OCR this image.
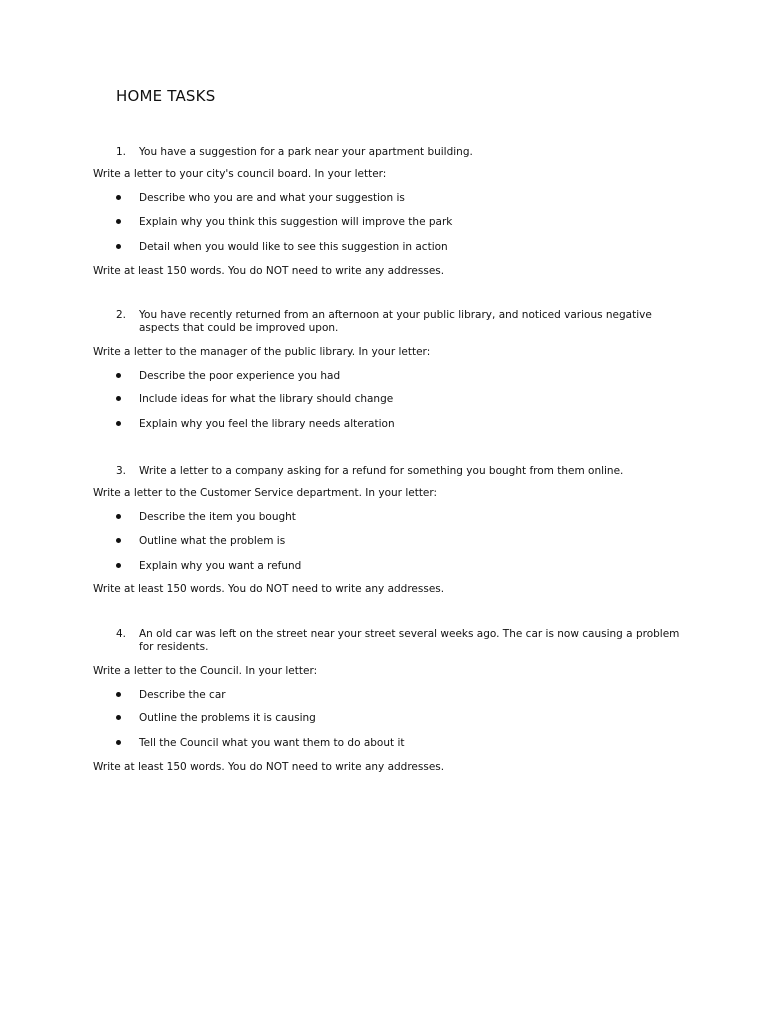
HOME TASKS
1. You have a suggestion for a park near your apartment building.

Write a letter to your city's council board. In your letter:

Describe who you are and what your suggestion is

Explain why you think this suggestion will improve the park

Detail when you would like to see this suggestion in action

Write at least 150 words. You do NOT need to write any addresses.

2. You have recently returned from an afternoon at your public library, and noticed various negative aspects that could be improved upon.

Write a letter to the manager of the public library. In your letter:

Describe the poor experience you had

Include ideas for what the library should change

Explain why you feel the library needs alteration

3. Write a letter to a company asking for a refund for something you bought from them online.

Write a letter to the Customer Service department. In your letter:

Describe the item you bought

Outline what the problem is

Explain why you want a refund

Write at least 150 words. You do NOT need to write any addresses.

4. An old car was left on the street near your street several weeks ago. The car is now causing a problem for residents.

Write a letter to the Council. In your letter:

Describe the car

Outline the problems it is causing

Tell the Council what you want them to do about it

Write at least 150 words. You do NOT need to write any addresses.
